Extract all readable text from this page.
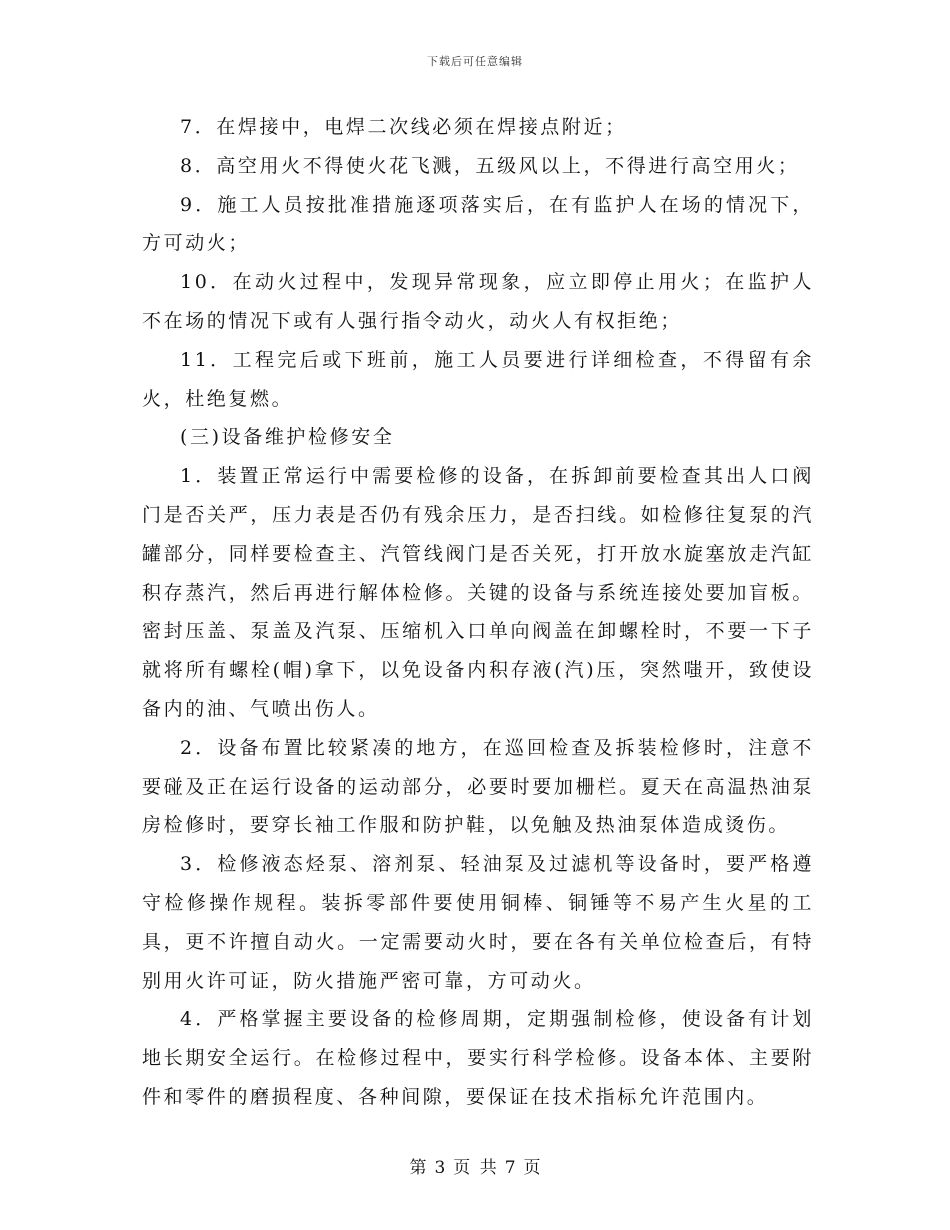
下载后可任意编辑

7．在焊接中，电焊二次线必须在焊接点附近；

8．高空用火不得使火花飞溅，五级风以上，不得进行高空用火；

9．施工人员按批准措施逐项落实后，在有监护人在场的情况下，方可动火；

10．在动火过程中，发现异常现象，应立即停止用火；在监护人不在场的情况下或有人强行指令动火，动火人有权拒绝；

11．工程完后或下班前，施工人员要进行详细检查，不得留有余火，杜绝复燃。

(三)设备维护检修安全

1．装置正常运行中需要检修的设备，在拆卸前要检查其出人口阀门是否关严，压力表是否仍有残余压力，是否扫线。如检修往复泵的汽罐部分，同样要检查主、汽管线阀门是否关死，打开放水旋塞放走汽缸积存蒸汽，然后再进行解体检修。关键的设备与系统连接处要加盲板。密封压盖、泵盖及汽泵、压缩机入口单向阀盖在卸螺栓时，不要一下子就将所有螺栓(帽)拿下，以免设备内积存液(汽)压，突然嗤开，致使设备内的油、气喷出伤人。

2．设备布置比较紧凑的地方，在巡回检查及拆装检修时，注意不要碰及正在运行设备的运动部分，必要时要加栅栏。夏天在高温热油泵房检修时，要穿长袖工作服和防护鞋，以免触及热油泵体造成烫伤。

3．检修液态烃泵、溶剂泵、轻油泵及过滤机等设备时，要严格遵守检修操作规程。装拆零部件要使用铜棒、铜锤等不易产生火星的工具，更不许擅自动火。一定需要动火时，要在各有关单位检查后，有特别用火许可证，防火措施严密可靠，方可动火。

4．严格掌握主要设备的检修周期，定期强制检修，使设备有计划地长期安全运行。在检修过程中，要实行科学检修。设备本体、主要附件和零件的磨损程度、各种间隙，要保证在技术指标允许范围内。

第 3 页 共 7 页
